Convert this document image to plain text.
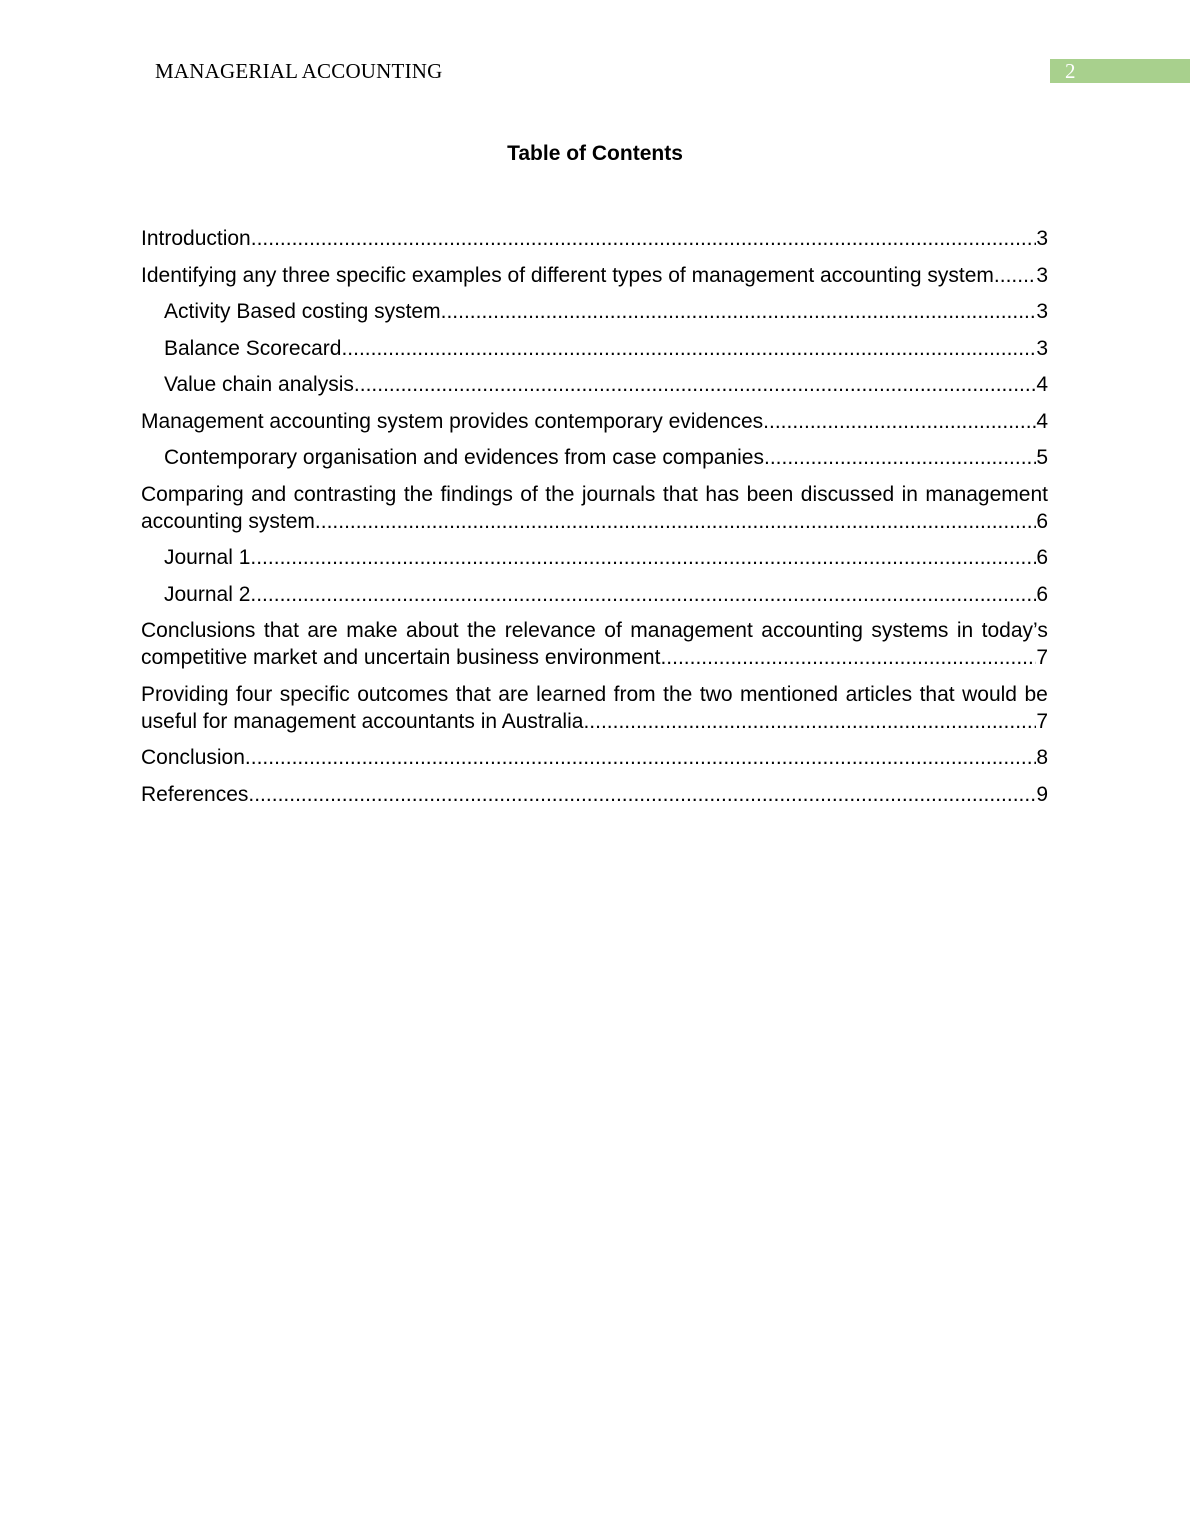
MANAGERIAL ACCOUNTING	2
Table of Contents
Introduction .....	3
Identifying any three specific examples of different types of management accounting system ..... 3
Activity Based costing system .....	3
Balance Scorecard .....	3
Value chain analysis .....	4
Management accounting system provides contemporary evidences .....	4
Contemporary organisation and evidences from case companies .....	5
Comparing and contrasting the findings of the journals that has been discussed in management
accounting system .....	6
Journal 1 .....	6
Journal 2 .....	6
Conclusions that are make about the relevance of management accounting systems in today’s
competitive market and uncertain business environment .....	7
Providing four specific outcomes that are learned from the two mentioned articles that would be
useful for management accountants in Australia .....	7
Conclusion .....	8
References .....	9
